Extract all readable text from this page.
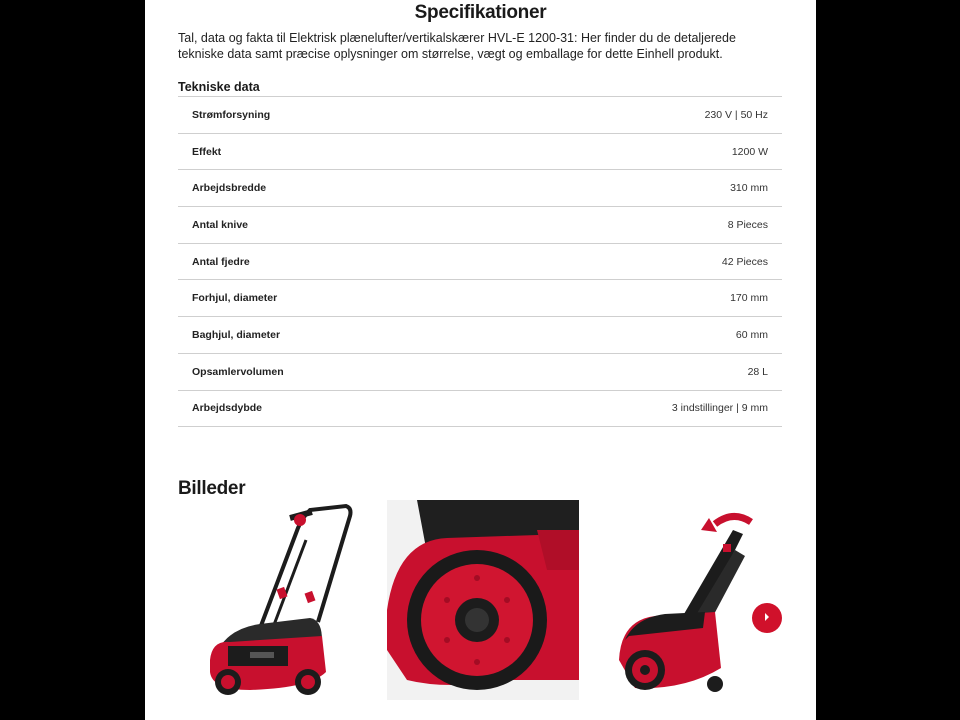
Specifikationer
Tal, data og fakta til Elektrisk plænelufter/vertikalskærer HVL-E 1200-31: Her finder du de detaljerede tekniske data samt præcise oplysninger om størrelse, vægt og emballage for dette Einhell produkt.
Tekniske data
Strømforsyning	230 V | 50 Hz
Effekt	1200 W
Arbejdsbredde	310 mm
Antal knive	8 Pieces
Antal fjedre	42 Pieces
Forhjul, diameter	170 mm
Baghjul, diameter	60 mm
Opsamlervolumen	28 L
Arbejdsdybde	3 indstillinger | 9 mm
Billeder
